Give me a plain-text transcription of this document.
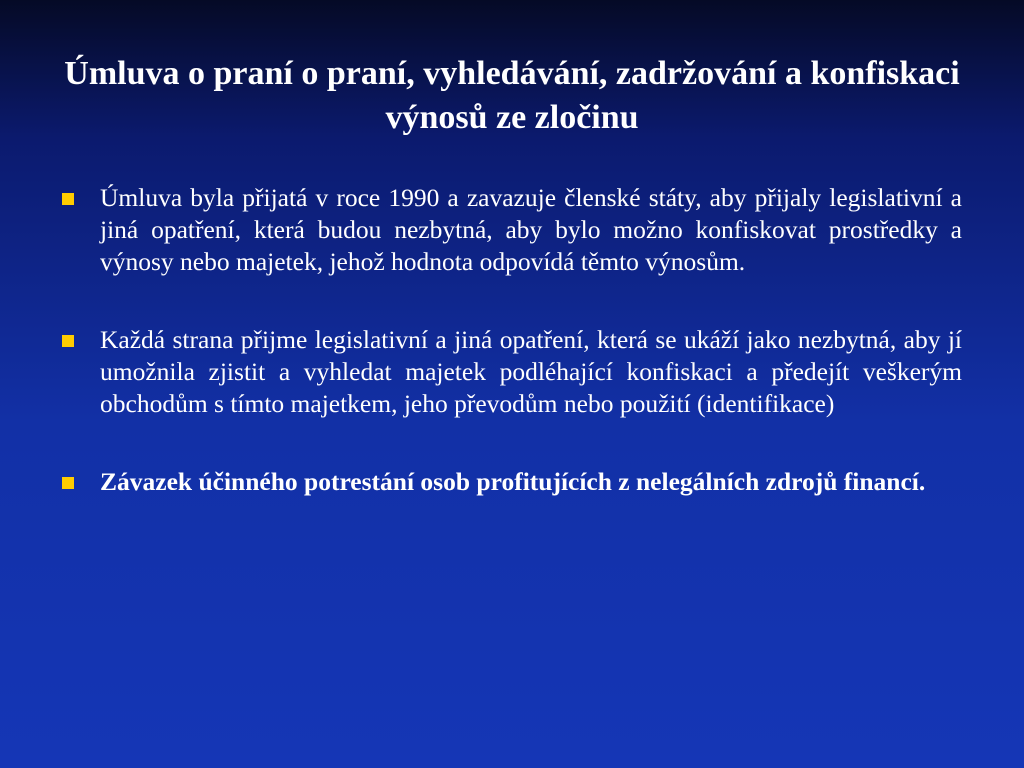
Úmluva o praní o praní, vyhledávání, zadržování a konfiskaci výnosů ze zločinu
Úmluva byla přijatá v roce 1990 a zavazuje členské státy, aby přijaly legislativní a jiná opatření, která budou nezbytná, aby bylo možno konfiskovat prostředky a výnosy nebo majetek, jehož hodnota odpovídá těmto výnosům.
Každá strana přijme legislativní a jiná opatření, která se ukáží jako nezbytná, aby jí umožnila zjistit a vyhledat majetek podléhající konfiskaci a předejít veškerým obchodům s tímto majetkem, jeho převodům nebo použití (identifikace)
Závazek účinného potrestání osob profitujících z nelegálních zdrojů financí.
